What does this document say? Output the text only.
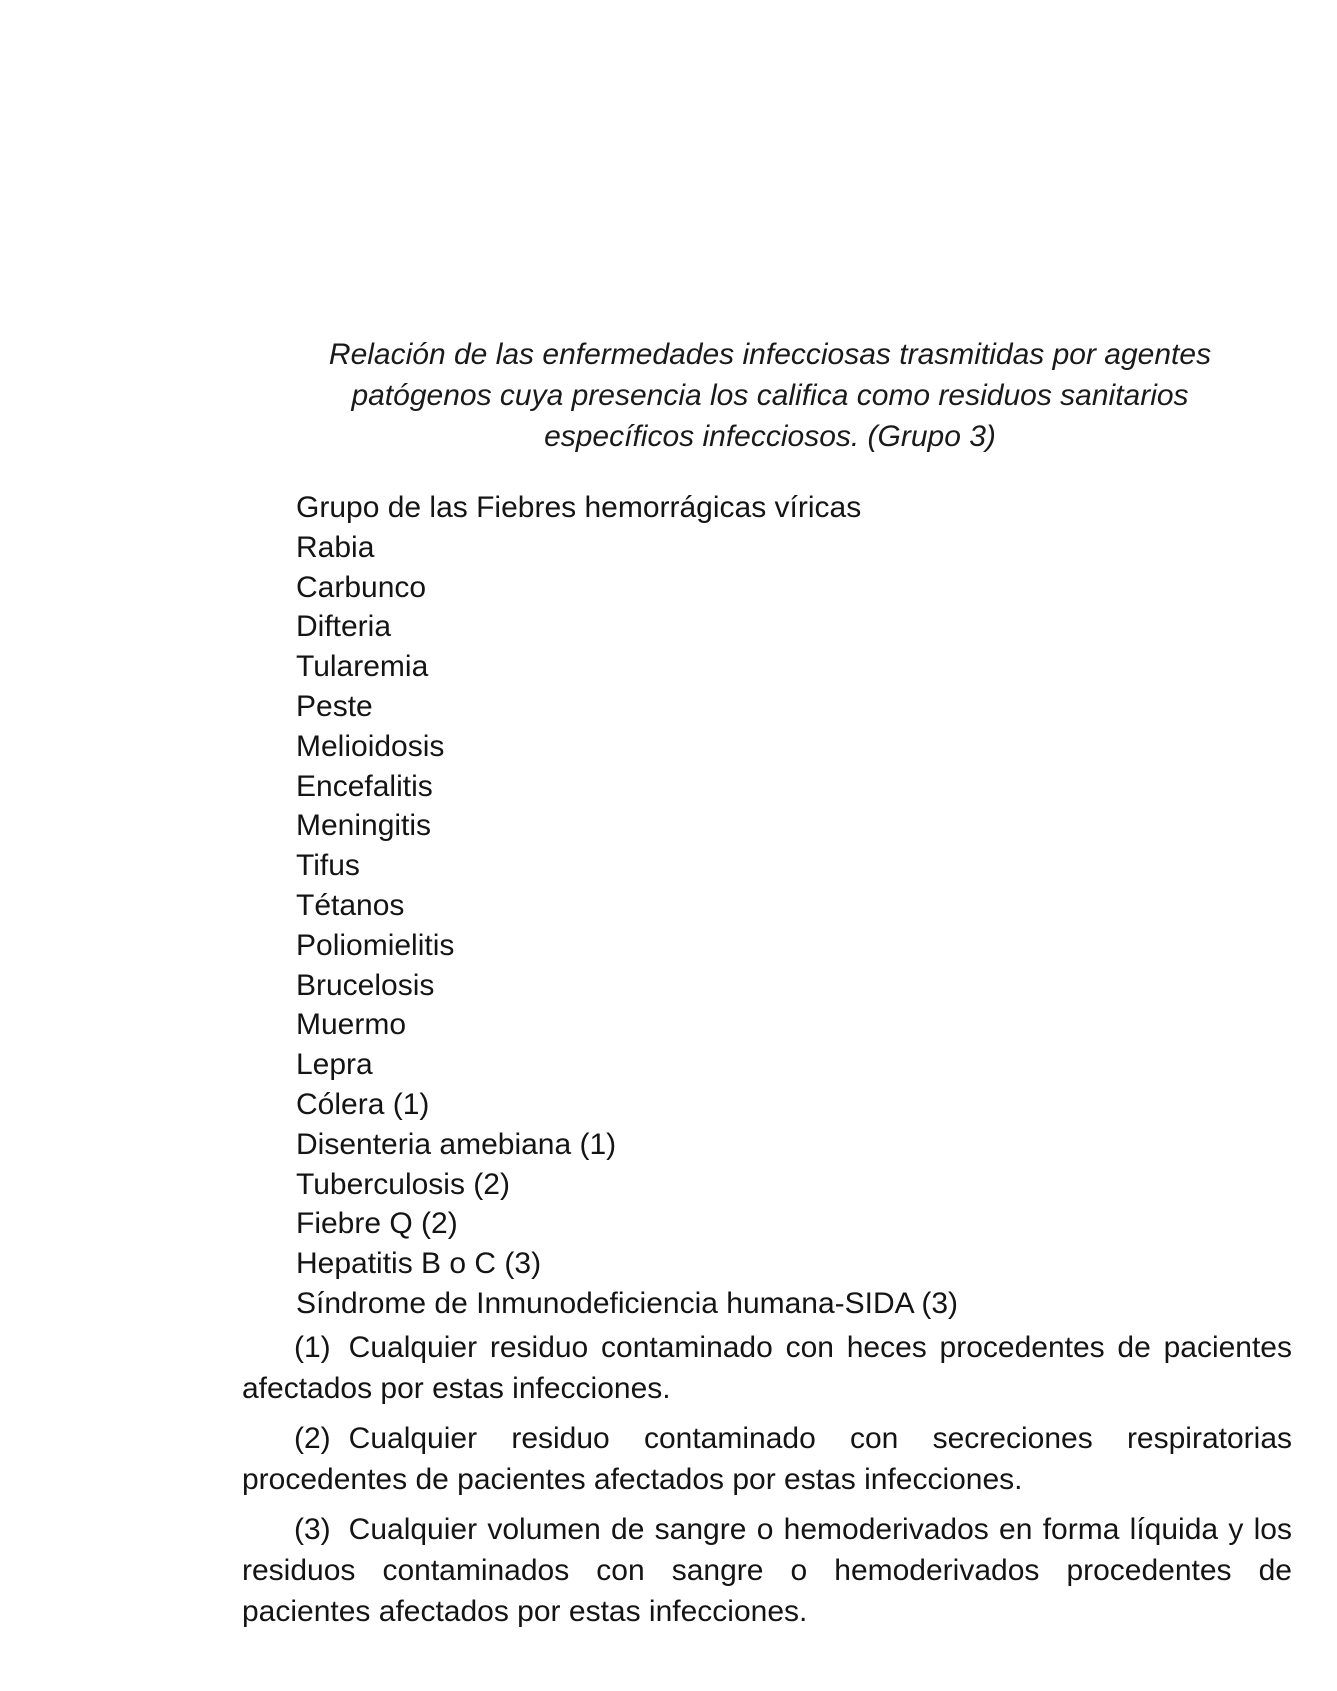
Relación de las enfermedades infecciosas trasmitidas por agentes
patógenos cuya presencia los califica como residuos sanitarios
específicos infecciosos. (Grupo 3)
Grupo de las Fiebres hemorrágicas víricas
Rabia
Carbunco
Difteria
Tularemia
Peste
Melioidosis
Encefalitis
Meningitis
Tifus
Tétanos
Poliomielitis
Brucelosis
Muermo
Lepra
Cólera (1)
Disenteria amebiana (1)
Tuberculosis (2)
Fiebre Q (2)
Hepatitis B o C (3)
Síndrome de Inmunodeficiencia humana-SIDA (3)

(1) Cualquier residuo contaminado con heces procedentes de pacientes afectados por estas infecciones.

(2) Cualquier residuo contaminado con secreciones respiratorias procedentes de pacientes afectados por estas infecciones.

(3) Cualquier volumen de sangre o hemoderivados en forma líquida y los residuos contaminados con sangre o hemoderivados procedentes de pacientes afectados por estas infecciones.
